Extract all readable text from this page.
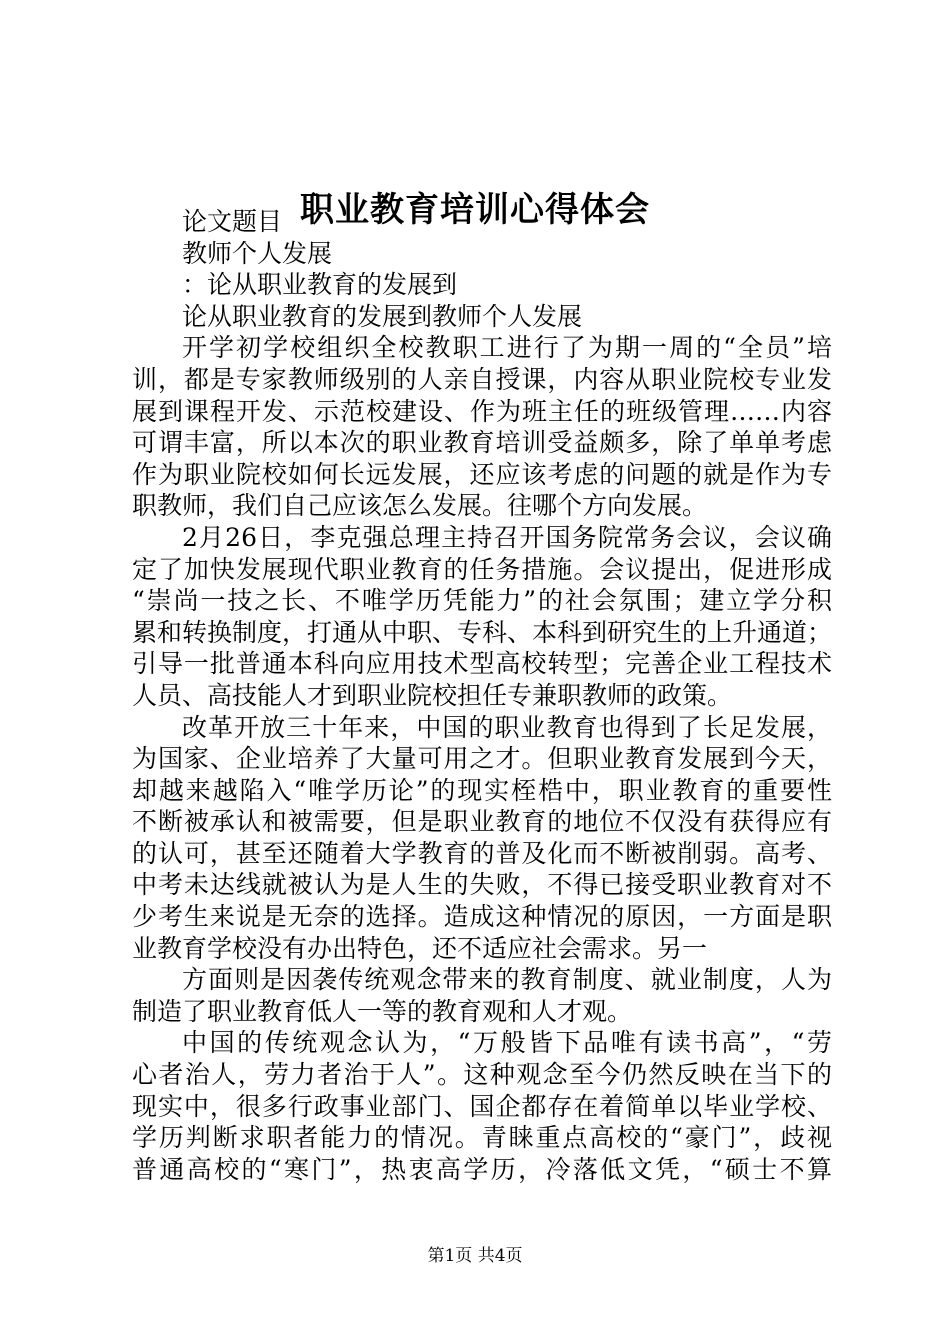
职业教育培训心得体会
论文题目
教师个人发展
：论从职业教育的发展到
论从职业教育的发展到教师个人发展
开学初学校组织全校教职工进行了为期一周的“全员”培
训，都是专家教师级别的人亲自授课，内容从职业院校专业发
展到课程开发、示范校建设、作为班主任的班级管理……内容
可谓丰富，所以本次的职业教育培训受益颇多，除了单单考虑
作为职业院校如何长远发展，还应该考虑的问题的就是作为专
职教师，我们自己应该怎么发展。往哪个方向发展。
2月26日，李克强总理主持召开国务院常务会议，会议确
定了加快发展现代职业教育的任务措施。会议提出，促进形成
“崇尚一技之长、不唯学历凭能力”的社会氛围；建立学分积
累和转换制度，打通从中职、专科、本科到研究生的上升通道；
引导一批普通本科向应用技术型高校转型；完善企业工程技术
人员、高技能人才到职业院校担任专兼职教师的政策。
改革开放三十年来，中国的职业教育也得到了长足发展，
为国家、企业培养了大量可用之才。但职业教育发展到今天，
却越来越陷入“唯学历论”的现实桎梏中，职业教育的重要性
不断被承认和被需要，但是职业教育的地位不仅没有获得应有
的认可，甚至还随着大学教育的普及化而不断被削弱。高考、
中考未达线就被认为是人生的失败，不得已接受职业教育对不
少考生来说是无奈的选择。造成这种情况的原因，一方面是职
业教育学校没有办出特色，还不适应社会需求。另一
方面则是因袭传统观念带来的教育制度、就业制度，人为
制造了职业教育低人一等的教育观和人才观。
中国的传统观念认为，“万般皆下品唯有读书高”，“劳
心者治人，劳力者治于人”。这种观念至今仍然反映在当下的
现实中，很多行政事业部门、国企都存在着简单以毕业学校、
学历判断求职者能力的情况。青睐重点高校的“豪门”，歧视
普通高校的“寒门”，热衷高学历，冷落低文凭，“硕士不算
第1页 共4页
